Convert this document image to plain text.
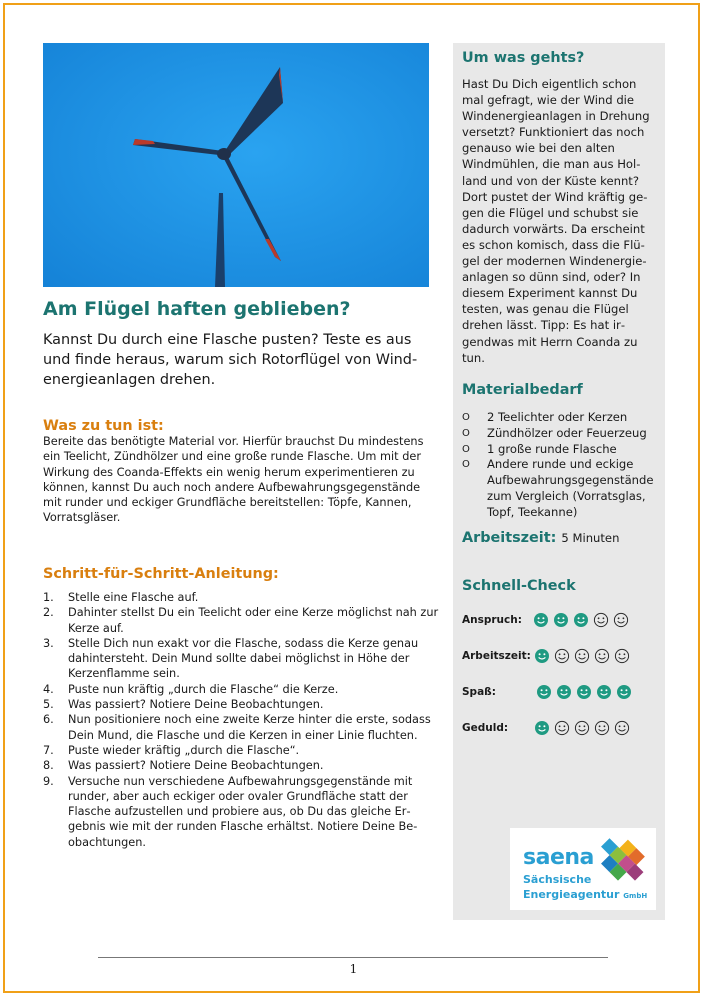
Am Flügel haften geblieben?
Kannst Du durch eine Flasche pusten? Teste es aus und finde heraus, warum sich Rotorflügel von Windenergieanlagen drehen.
Was zu tun ist:
Bereite das benötigte Material vor. Hierfür brauchst Du mindestens ein Teelicht, Zündhölzer und eine große runde Flasche. Um mit der Wirkung des Coanda-Effekts ein wenig herum experimentieren zu können, kannst Du auch noch andere Aufbewahrungsgegenstände mit runder und eckiger Grundfläche bereitstellen: Töpfe, Kannen, Vorratsgläser.
Schritt-für-Schritt-Anleitung:
1.	Stelle eine Flasche auf.
2.	Dahinter stellst Du ein Teelicht oder eine Kerze möglichst nah zur Kerze auf.
3.	Stelle Dich nun exakt vor die Flasche, sodass die Kerze genau dahintersteht. Dein Mund sollte dabei möglichst in Höhe der Kerzenflamme sein.
4.	Puste nun kräftig „durch die Flasche“ die Kerze.
5.	Was passiert? Notiere Deine Beobachtungen.
6.	Nun positioniere noch eine zweite Kerze hinter die erste, sodass Dein Mund, die Flasche und die Kerzen in einer Linie fluchten.
7.	Puste wieder kräftig „durch die Flasche“.
8.	Was passiert? Notiere Deine Beobachtungen.
9.	Versuche nun verschiedene Aufbewahrungsgegenstände mit runder, aber auch eckiger oder ovaler Grundfläche statt der Flasche aufzustellen und probiere aus, ob Du das gleiche Ergebnis wie mit der runden Flasche erhältst. Notiere Deine Beobachtungen.
Um was gehts?
Hast Du Dich eigentlich schon mal gefragt, wie der Wind die Windenergieanlagen in Drehung versetzt? Funktioniert das noch genauso wie bei den alten Windmühlen, die man aus Holland und von der Küste kennt? Dort pustet der Wind kräftig gegen die Flügel und schubst sie dadurch vorwärts. Da erscheint es schon komisch, dass die Flügel der modernen Windenergieanlagen so dünn sind, oder? In diesem Experiment kannst Du testen, was genau die Flügel drehen lässt. Tipp: Es hat irgendwas mit Herrn Coanda zu tun.
Materialbedarf
O	2 Teelichter oder Kerzen
O	Zündhölzer oder Feuerzeug
O	1 große runde Flasche
O	Andere runde und eckige Aufbewahrungsgegenstände zum Vergleich (Vorratsglas, Topf, Teekanne)
Arbeitszeit: 5 Minuten
Schnell-Check
Anspruch:
Arbeitszeit:
Spaß:
Geduld:
saena
Sächsische
Energieagentur GmbH
1
